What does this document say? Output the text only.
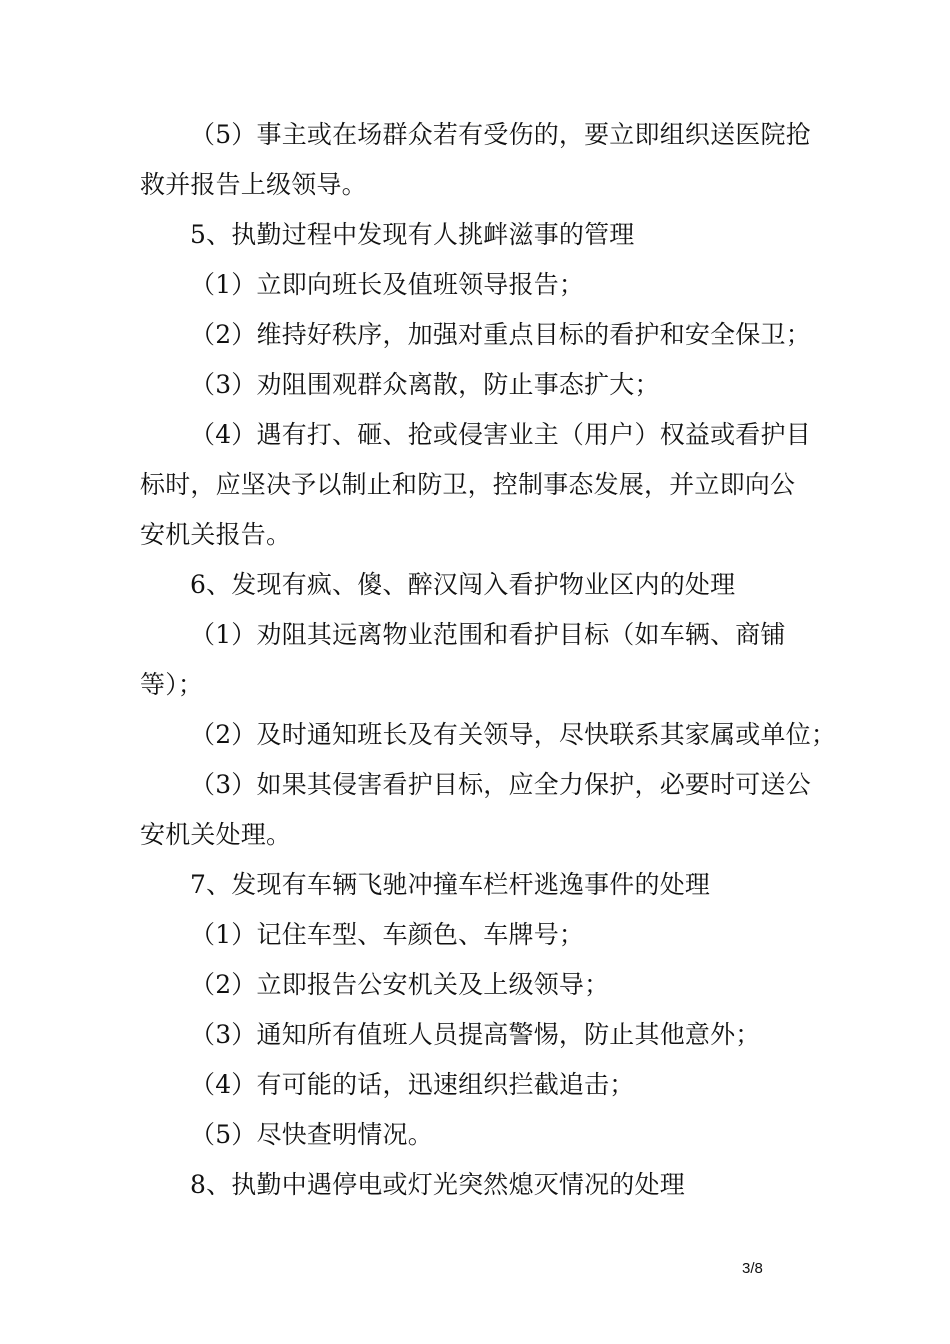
（5）事主或在场群众若有受伤的，要立即组织送医院抢
救并报告上级领导。
5、执勤过程中发现有人挑衅滋事的管理
（1）立即向班长及值班领导报告；
（2）维持好秩序，加强对重点目标的看护和安全保卫；
（3）劝阻围观群众离散，防止事态扩大；
（4）遇有打、砸、抢或侵害业主（用户）权益或看护目
标时，应坚决予以制止和防卫，控制事态发展，并立即向公
安机关报告。
6、发现有疯、傻、醉汉闯入看护物业区内的处理
（1）劝阻其远离物业范围和看护目标（如车辆、商铺
等）；
（2）及时通知班长及有关领导，尽快联系其家属或单位；
（3）如果其侵害看护目标，应全力保护，必要时可送公
安机关处理。
7、发现有车辆飞驰冲撞车栏杆逃逸事件的处理
（1）记住车型、车颜色、车牌号；
（2）立即报告公安机关及上级领导；
（3）通知所有值班人员提高警惕，防止其他意外；
（4）有可能的话，迅速组织拦截追击；
（5）尽快查明情况。
8、执勤中遇停电或灯光突然熄灭情况的处理
3/8
